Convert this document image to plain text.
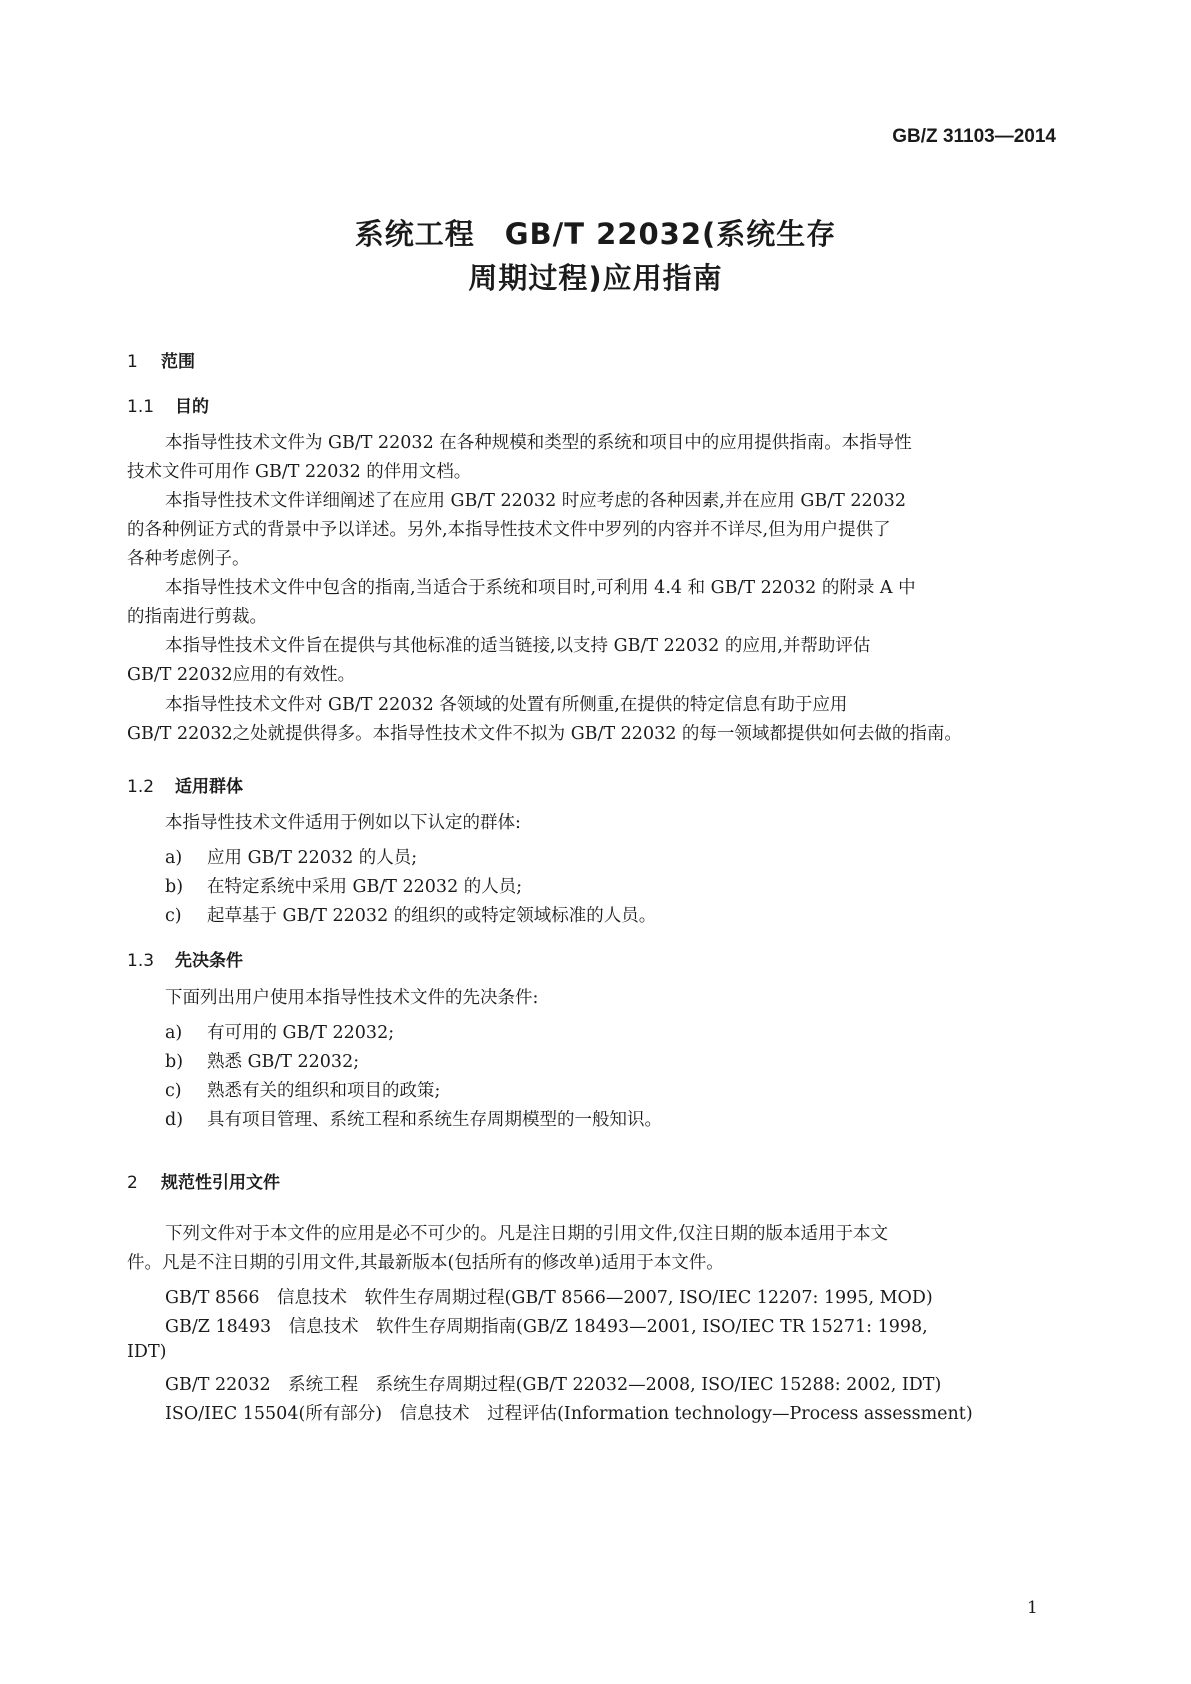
GB/Z 31103—2014
系统工程　GB/T 22032(系统生存
周期过程)应用指南
1 范围
1.1 目的
本指导性技术文件为 GB/T 22032 在各种规模和类型的系统和项目中的应用提供指南。本指导性
技术文件可用作 GB/T 22032 的伴用文档。
本指导性技术文件详细阐述了在应用 GB/T 22032 时应考虑的各种因素,并在应用 GB/T 22032
的各种例证方式的背景中予以详述。另外,本指导性技术文件中罗列的内容并不详尽,但为用户提供了
各种考虑例子。
本指导性技术文件中包含的指南,当适合于系统和项目时,可利用 4.4 和 GB/T 22032 的附录 A 中
的指南进行剪裁。
本指导性技术文件旨在提供与其他标准的适当链接,以支持 GB/T 22032 的应用,并帮助评估
GB/T 22032应用的有效性。
本指导性技术文件对 GB/T 22032 各领域的处置有所侧重,在提供的特定信息有助于应用
GB/T 22032之处就提供得多。本指导性技术文件不拟为 GB/T 22032 的每一领域都提供如何去做的指南。
1.2 适用群体
本指导性技术文件适用于例如以下认定的群体:
a) 应用 GB/T 22032 的人员;
b) 在特定系统中采用 GB/T 22032 的人员;
c) 起草基于 GB/T 22032 的组织的或特定领域标准的人员。
1.3 先决条件
下面列出用户使用本指导性技术文件的先决条件:
a) 有可用的 GB/T 22032;
b) 熟悉 GB/T 22032;
c) 熟悉有关的组织和项目的政策;
d) 具有项目管理、系统工程和系统生存周期模型的一般知识。
2 规范性引用文件
下列文件对于本文件的应用是必不可少的。凡是注日期的引用文件,仅注日期的版本适用于本文
件。凡是不注日期的引用文件,其最新版本(包括所有的修改单)适用于本文件。
GB/T 8566　信息技术　软件生存周期过程(GB/T 8566—2007, ISO/IEC 12207: 1995, MOD)
GB/Z 18493　信息技术　软件生存周期指南(GB/Z 18493—2001, ISO/IEC TR 15271: 1998,
IDT)
GB/T 22032　系统工程　系统生存周期过程(GB/T 22032—2008, ISO/IEC 15288: 2002, IDT)
ISO/IEC 15504(所有部分)　信息技术　过程评估(Information technology—Process assessment)
1
